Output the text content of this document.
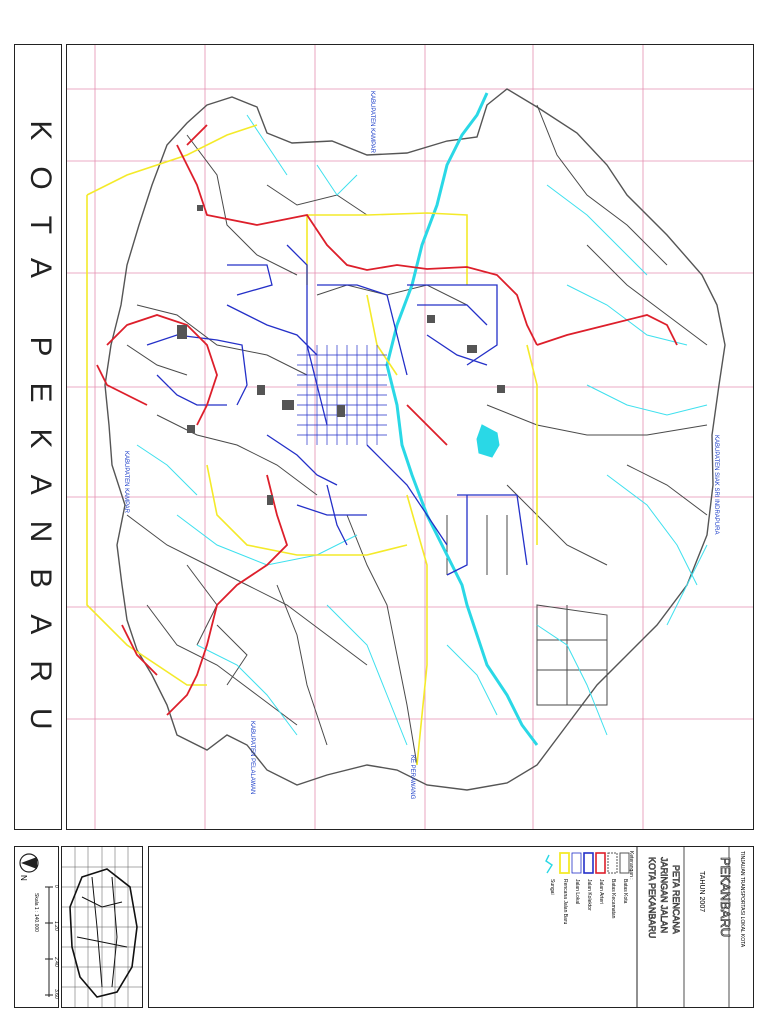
KOTA PEKANBARU	KABUPATEN KAMPAR
KABUPATEN KAMPAR	KABUPATEN SIAK SRI INDRAPURA
KABUPATEN PELALAWAN	KE PERAWANG
N
Skala 1 : 140.000
0
1.20
2.40
3.60
TINJAUAN TRANSPORTASI LOKAL KOTA
PEKANBARU
TAHUN 2007
PETA RENCANA
JARINGAN JALAN
KOTA PEKANBARU
Keterangan :
Batas Kota
Batas Kecamatan
Jalan Arteri
Jalan Kolektor
Jalan Lokal
Rencana Jalan Baru
Sungai
